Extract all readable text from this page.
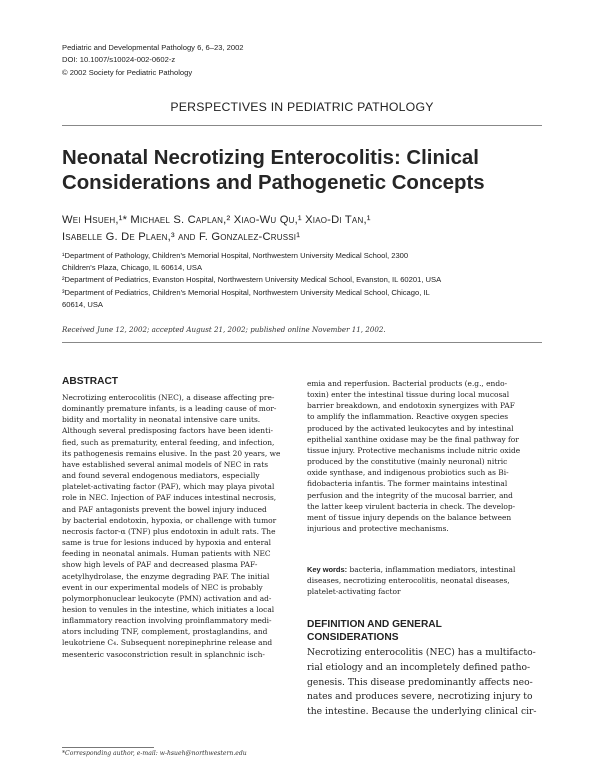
Pediatric and Developmental Pathology 6, 6–23, 2002
DOI: 10.1007/s10024-002-0602-z
© 2002 Society for Pediatric Pathology
PERSPECTIVES IN PEDIATRIC PATHOLOGY
Neonatal Necrotizing Enterocolitis: Clinical
Considerations and Pathogenetic Concepts
Wei Hsueh,¹* Michael S. Caplan,² Xiao-Wu Qu,¹ Xiao-Di Tan,¹
Isabelle G. De Plaen,³ and F. Gonzalez-Crussi¹
¹Department of Pathology, Children's Memorial Hospital, Northwestern University Medical School, 2300
Children's Plaza, Chicago, IL 60614, USA
²Department of Pediatrics, Evanston Hospital, Northwestern University Medical School, Evanston, IL 60201, USA
³Department of Pediatrics, Children's Memorial Hospital, Northwestern University Medical School, Chicago, IL
60614, USA
Received June 12, 2002; accepted August 21, 2002; published online November 11, 2002.
ABSTRACT
Necrotizing enterocolitis (NEC), a disease affecting pre-
dominantly premature infants, is a leading cause of mor-
bidity and mortality in neonatal intensive care units.
Although several predisposing factors have been identi-
fied, such as prematurity, enteral feeding, and infection,
its pathogenesis remains elusive. In the past 20 years, we
have established several animal models of NEC in rats
and found several endogenous mediators, especially
platelet-activating factor (PAF), which may playa pivotal
role in NEC. Injection of PAF induces intestinal necrosis,
and PAF antagonists prevent the bowel injury induced
by bacterial endotoxin, hypoxia, or challenge with tumor
necrosis factor-α (TNF) plus endotoxin in adult rats. The
same is true for lesions induced by hypoxia and enteral
feeding in neonatal animals. Human patients with NEC
show high levels of PAF and decreased plasma PAF-
acetylhydrolase, the enzyme degrading PAF. The initial
event in our experimental models of NEC is probably
polymorphonuclear leukocyte (PMN) activation and ad-
hesion to venules in the intestine, which initiates a local
inflammatory reaction involving proinflammatory medi-
ators including TNF, complement, prostaglandins, and
leukotriene C₄. Subsequent norepinephrine release and
mesenteric vasoconstriction result in splanchnic isch-
emia and reperfusion. Bacterial products (e.g., endo-
toxin) enter the intestinal tissue during local mucosal
barrier breakdown, and endotoxin synergizes with PAF
to amplify the inflammation. Reactive oxygen species
produced by the activated leukocytes and by intestinal
epithelial xanthine oxidase may be the final pathway for
tissue injury. Protective mechanisms include nitric oxide
produced by the constitutive (mainly neuronal) nitric
oxide synthase, and indigenous probiotics such as Bi-
fidobacteria infantis. The former maintains intestinal
perfusion and the integrity of the mucosal barrier, and
the latter keep virulent bacteria in check. The develop-
ment of tissue injury depends on the balance between
injurious and protective mechanisms.
Key words: bacteria, inflammation mediators, intestinal
diseases, necrotizing enterocolitis, neonatal diseases,
platelet-activating factor
DEFINITION AND GENERAL
CONSIDERATIONS
Necrotizing enterocolitis (NEC) has a multifacto-
rial etiology and an incompletely defined patho-
genesis. This disease predominantly affects neo-
nates and produces severe, necrotizing injury to
the intestine. Because the underlying clinical cir-
*Corresponding author, e-mail: w-hsueh@northwestern.edu
